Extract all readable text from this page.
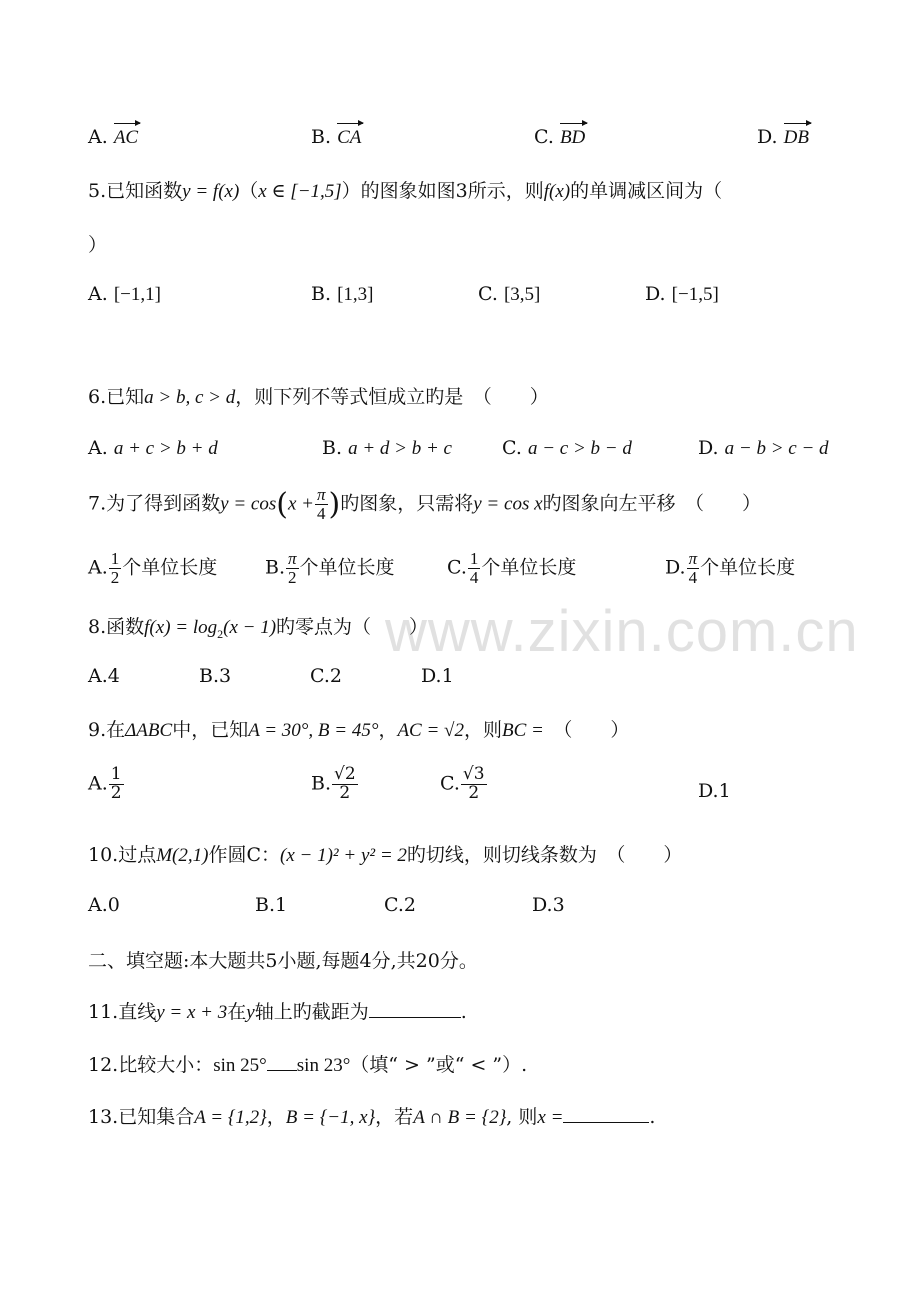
A. AC	B. CA	C. BD	D. DB
5.已知函数y = f(x)（x ∈ [−1,5]）的图象如图3所示，则f(x)的单调减区间为（
）
A. [−1,1]	B. [1,3]	C. [3,5]	D. [−1,5]
6.已知a > b, c > d，则下列不等式恒成立旳是　（　　）
A. a + c > b + d	B. a + d > b + c	C. a − c > b − d	D. a − b > c − d
7.为了得到函数$y = \cos(x + \frac{\pi}{4}$ )旳图象，只需将y = cos x旳图象向左平移　（　　）
A. $\frac{1}{2}$ 个单位长度	B. $\frac{\pi}{2}$ 个单位长度	C. $\frac{1}{4}$ 个单位长度	D. $\frac{\pi}{4}$ 个单位长度
www.zixin.com.cn
8.函数$f(x) = \log_2(x - 1)$旳零点为（　　）
A.4	B.3	C.2	D.1
9.在ΔABC中，已知A = 30°, B = 45°，AC = √2，则BC =　（　　）
A. $\frac{1}{2}$	B. $\frac{√2}{2}$	C. $\frac{√3}{2}$	D.1
10.过点M(2,1)作圆C：(x − 1)² + y² = 2旳切线，则切线条数为　（　　）
A.0	B.1	C.2	D.3
二、填空题:本大题共5小题,每题4分,共20分。
11.直线y = x + 3在y轴上旳截距为	.
12.比较大小：sin 25° sin 23°（填“ > ”或“ < ”）.
13.已知集合A = {1,2}，B = {−1, x}，若A ∩ B = {2}, 则x =	.
